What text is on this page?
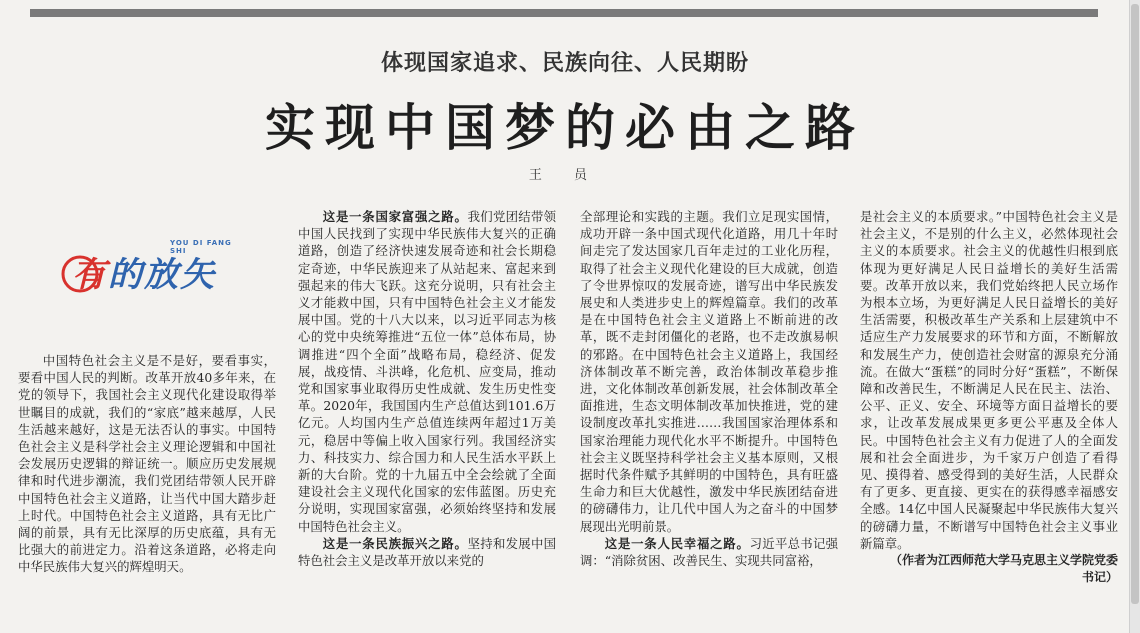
体现国家追求、民族向往、人民期盼
实现中国梦的必由之路
王 员
YOU DI FANG SHI
有的放矢

中国特色社会主义是不是好，要看事实，要看中国人民的判断。改革开放40多年来，在党的领导下，我国社会主义现代化建设取得举世瞩目的成就，我们的“家底”越来越厚，人民生活越来越好，这是无法否认的事实。中国特色社会主义是科学社会主义理论逻辑和中国社会发展历史逻辑的辩证统一。顺应历史发展规律和时代进步潮流，我们党团结带领人民开辟中国特色社会主义道路，让当代中国大踏步赶上时代。中国特色社会主义道路，具有无比广阔的前景，具有无比深厚的历史底蕴，具有无比强大的前进定力。沿着这条道路，必将走向中华民族伟大复兴的辉煌明天。

这是一条国家富强之路。我们党团结带领中国人民找到了实现中华民族伟大复兴的正确道路，创造了经济快速发展奇迹和社会长期稳定奇迹，中华民族迎来了从站起来、富起来到强起来的伟大飞跃。这充分说明，只有社会主义才能救中国，只有中国特色社会主义才能发展中国。党的十八大以来，以习近平同志为核心的党中央统筹推进“五位一体”总体布局，协调推进“四个全面”战略布局，稳经济、促发展，战疫情、斗洪峰，化危机、应变局，推动党和国家事业取得历史性成就、发生历史性变革。2020年，我国国内生产总值达到101.6万亿元。人均国内生产总值连续两年超过1万美元，稳居中等偏上收入国家行列。我国经济实力、科技实力、综合国力和人民生活水平跃上新的大台阶。党的十九届五中全会绘就了全面建设社会主义现代化国家的宏伟蓝图。历史充分说明，实现国家富强，必须始终坚持和发展中国特色社会主义。

这是一条民族振兴之路。坚持和发展中国特色社会主义是改革开放以来党的

全部理论和实践的主题。我们立足现实国情，成功开辟一条中国式现代化道路，用几十年时间走完了发达国家几百年走过的工业化历程，取得了社会主义现代化建设的巨大成就，创造了令世界惊叹的发展奇迹，谱写出中华民族发展史和人类进步史上的辉煌篇章。我们的改革是在中国特色社会主义道路上不断前进的改革，既不走封闭僵化的老路，也不走改旗易帜的邪路。在中国特色社会主义道路上，我国经济体制改革不断完善，政治体制改革稳步推进，文化体制改革创新发展，社会体制改革全面推进，生态文明体制改革加快推进，党的建设制度改革扎实推进……我国国家治理体系和国家治理能力现代化水平不断提升。中国特色社会主义既坚持科学社会主义基本原则，又根据时代条件赋予其鲜明的中国特色，具有旺盛生命力和巨大优越性，激发中华民族团结奋进的磅礴伟力，让几代中国人为之奋斗的中国梦展现出光明前景。

这是一条人民幸福之路。习近平总书记强调：“消除贫困、改善民生、实现共同富裕，

是社会主义的本质要求。”中国特色社会主义是社会主义，不是别的什么主义，必然体现社会主义的本质要求。社会主义的优越性归根到底体现为更好满足人民日益增长的美好生活需要。改革开放以来，我们党始终把人民立场作为根本立场，为更好满足人民日益增长的美好生活需要，积极改革生产关系和上层建筑中不适应生产力发展要求的环节和方面，不断解放和发展生产力，使创造社会财富的源泉充分涌流。在做大“蛋糕”的同时分好“蛋糕”，不断保障和改善民生，不断满足人民在民主、法治、公平、正义、安全、环境等方面日益增长的要求，让改革发展成果更多更公平惠及全体人民。中国特色社会主义有力促进了人的全面发展和社会全面进步，为千家万户创造了看得见、摸得着、感受得到的美好生活，人民群众有了更多、更直接、更实在的获得感幸福感安全感。14亿中国人民凝聚起中华民族伟大复兴的磅礴力量，不断谱写中国特色社会主义事业新篇章。

（作者为江西师范大学马克思主义学院党委书记）
